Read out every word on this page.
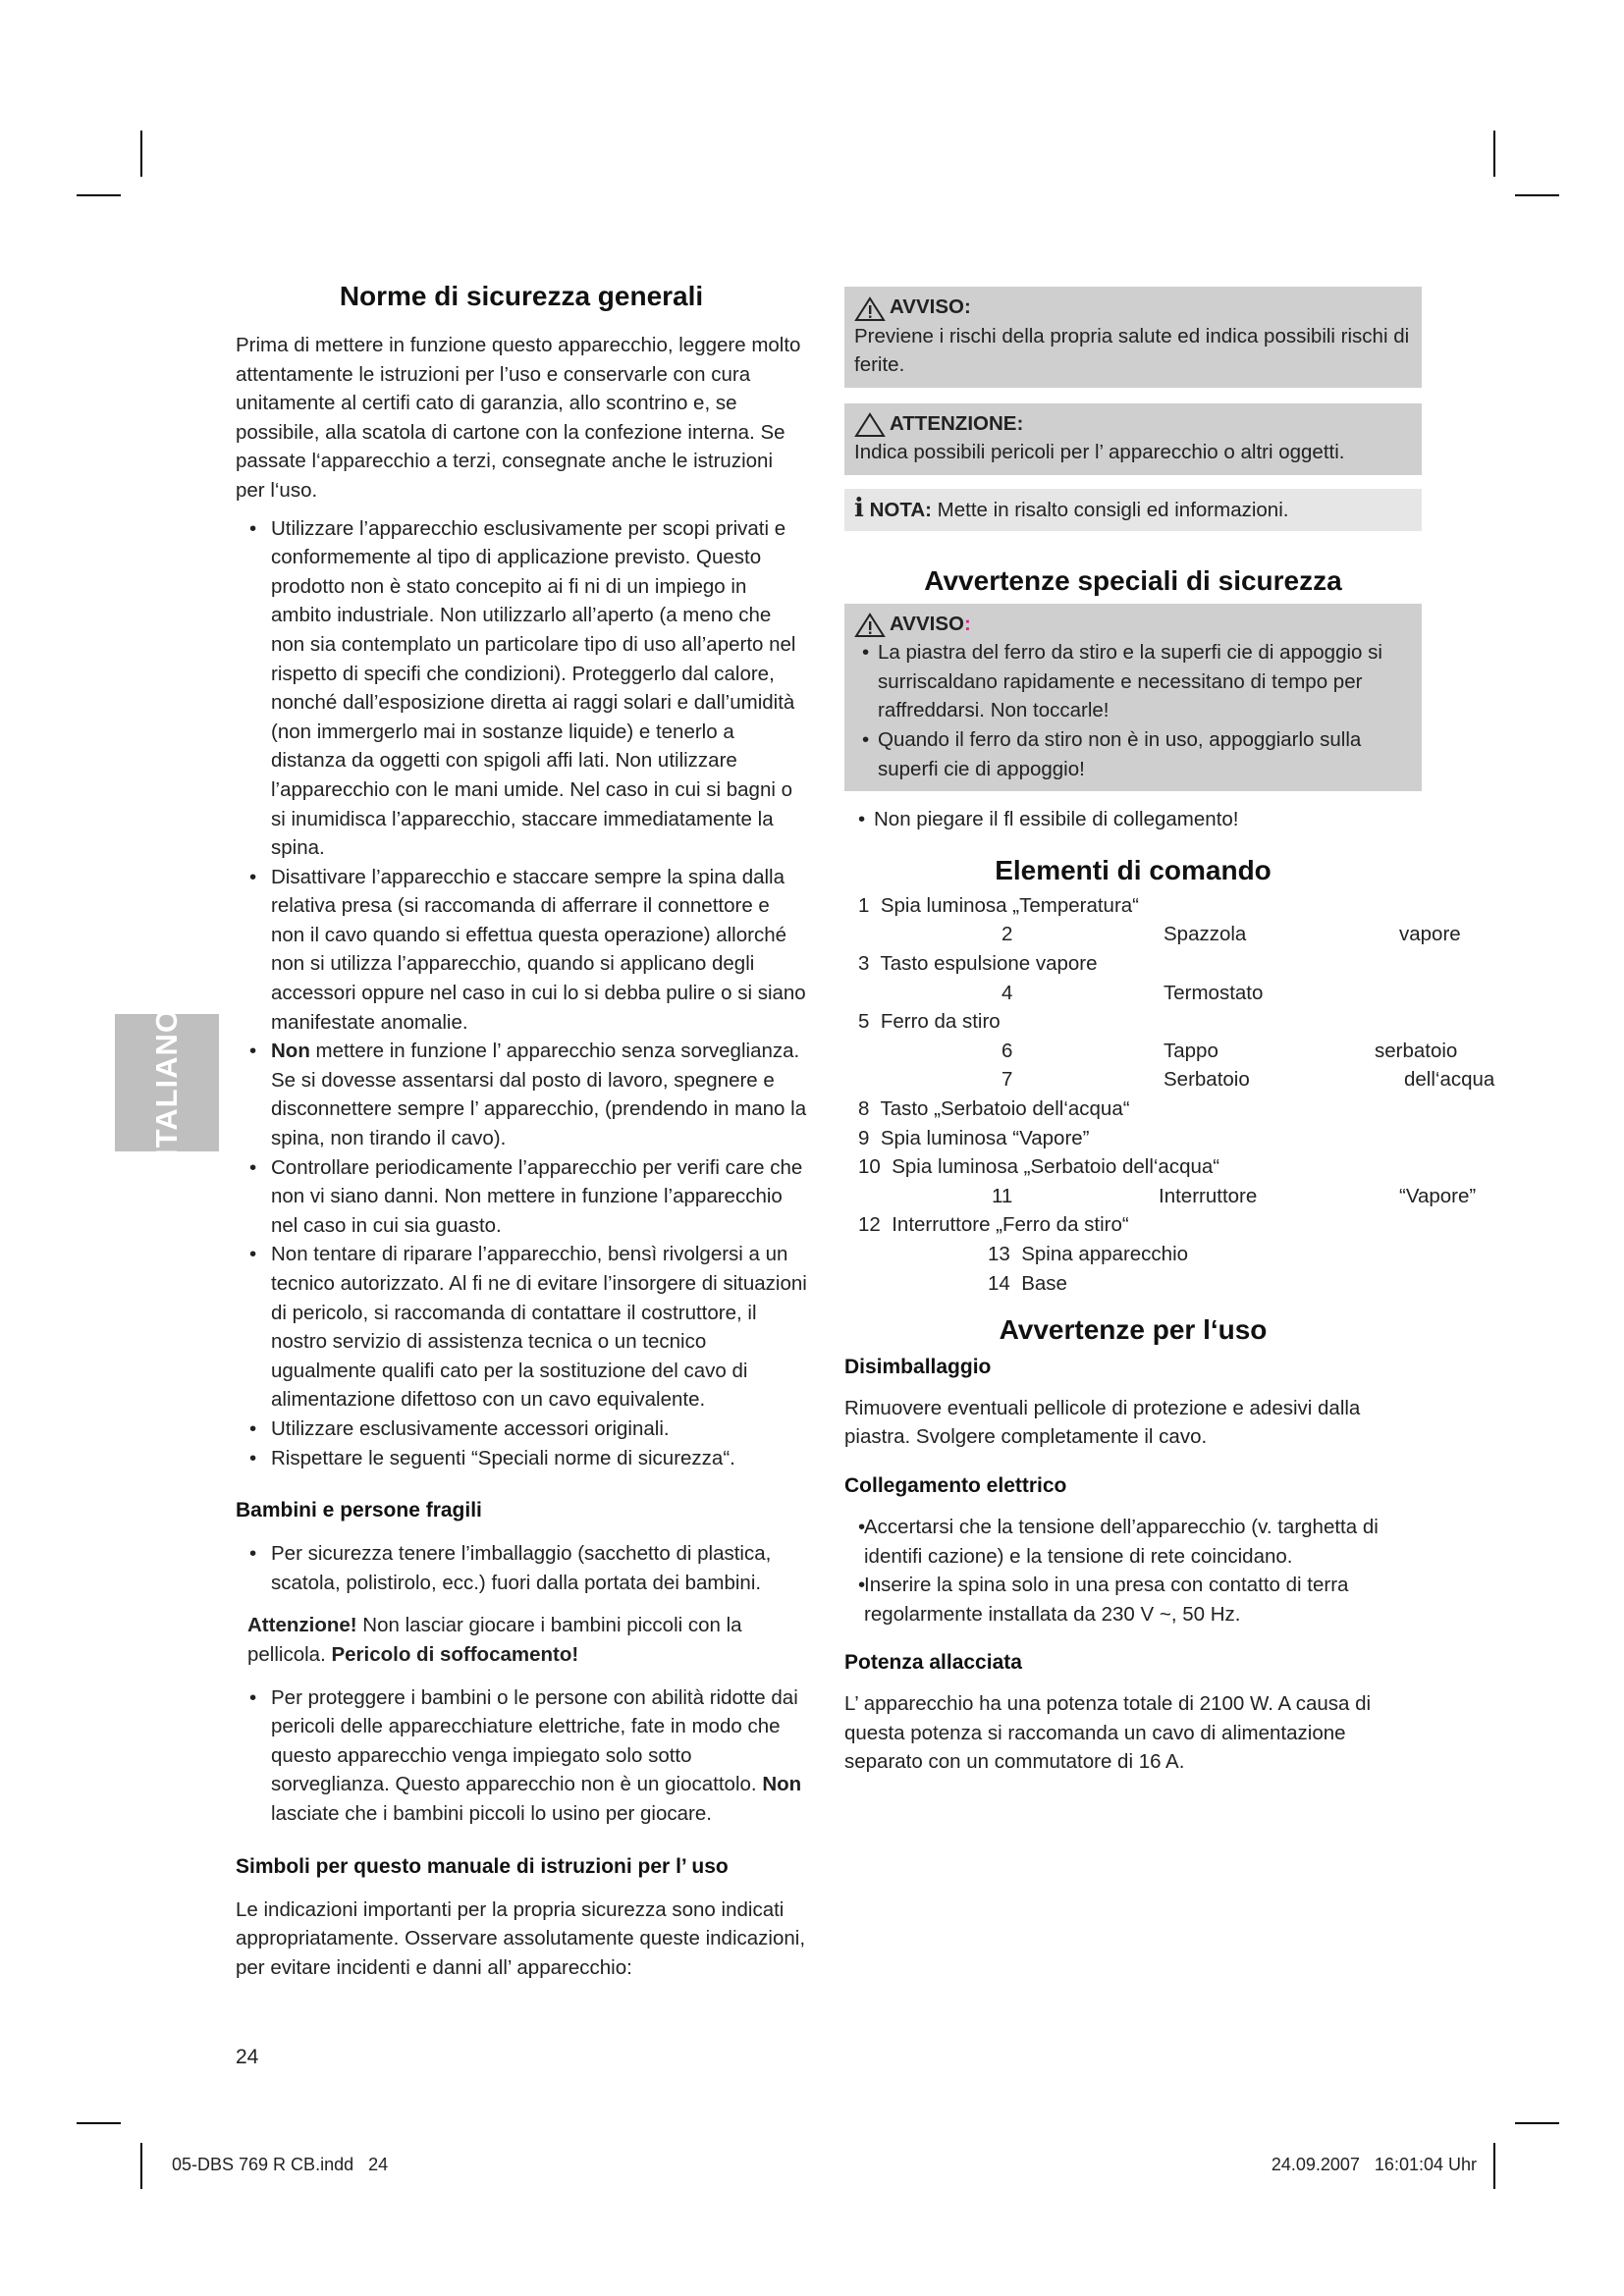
ITALIANO
Norme di sicurezza generali

Prima di mettere in funzione questo apparecchio, leggere molto attentamente le istruzioni per l’uso e conservarle con cura unitamente al certifi cato di garanzia, allo scontrino e, se possibile, alla scatola di cartone con la confezione interna. Se passate l‘apparecchio a terzi, consegnate anche le istruzioni per l‘uso.

• Utilizzare l’apparecchio esclusivamente per scopi privati e conformemente al tipo di applicazione previsto. Questo prodotto non è stato concepito ai fi ni di un impiego in ambito industriale. Non utilizzarlo all’aperto (a meno che non sia contemplato un particolare tipo di uso all’aperto nel rispetto di specifi che condizioni). Proteggerlo dal calore, nonché dall’esposizione diretta ai raggi solari e dall’umidità (non immergerlo mai in sostanze liquide) e tenerlo a distanza da oggetti con spigoli affi lati. Non utilizzare l’apparecchio con le mani umide. Nel caso in cui si bagni o si inumidisca l’apparecchio, staccare immediatamente la spina.
• Disattivare l’apparecchio e staccare sempre la spina dalla relativa presa (si raccomanda di afferrare il connettore e non il cavo quando si effettua questa operazione) allorché non si utilizza l’apparecchio, quando si applicano degli accessori oppure nel caso in cui lo si debba pulire o si siano manifestate anomalie.
• Non mettere in funzione l’ apparecchio senza sorveglianza. Se si dovesse assentarsi dal posto di lavoro, spegnere e disconnettere sempre l’ apparecchio, (prendendo in mano la spina, non tirando il cavo).
• Controllare periodicamente l’apparecchio per verifi care che non vi siano danni. Non mettere in funzione l’apparecchio nel caso in cui sia guasto.
• Non tentare di riparare l’apparecchio, bensì rivolgersi a un tecnico autorizzato. Al fi ne di evitare l’insorgere di situazioni di pericolo, si raccomanda di contattare il costruttore, il nostro servizio di assistenza tecnica o un tecnico ugualmente qualifi cato per la sostituzione del cavo di alimentazione difettoso con un cavo equivalente.
• Utilizzare esclusivamente accessori originali.
• Rispettare le seguenti “Speciali norme di sicurezza“.
Bambini e persone fragili
• Per sicurezza tenere l’imballaggio (sacchetto di plastica, scatola, polistirolo, ecc.) fuori dalla portata dei bambini.

Attenzione! Non lasciar giocare i bambini piccoli con la pellicola. Pericolo di soffocamento!

• Per proteggere i bambini o le persone con abilità ridotte dai pericoli delle apparecchiature elettriche, fate in modo che questo apparecchio venga impiegato solo sotto sorveglianza. Questo apparecchio non è un giocattolo. Non lasciate che i bambini piccoli lo usino per giocare.
Simboli per questo manuale di istruzioni per l’ uso

Le indicazioni importanti per la propria sicurezza sono indicati appropriatamente. Osservare assolutamente queste indicazioni, per evitare incidenti e danni all’ apparecchio:

AVVISO:

Previene i rischi della propria salute ed indica possibili rischi di ferite.

ATTENZIONE:

Indica possibili pericoli per l’ apparecchio o altri oggetti.

i NOTA: Mette in risalto consigli ed informazioni.
Avvertenze speciali di sicurezza
AVVISO:
• La piastra del ferro da stiro e la superfi cie di appoggio si surriscaldano rapidamente e necessitano di tempo per raffreddarsi. Non toccarle!
• Quando il ferro da stiro non è in uso, appoggiarlo sulla superfi cie di appoggio!
• Non piegare il fl essibile di collegamento!
Elementi di comando
1 Spia luminosa „Temperatura“
2	Spazzola	vapore
3 Tasto espulsione vapore
4	Termostato
5 Ferro da stiro
6	Tappo	serbatoio
7	Serbatoio	dell‘acqua
8 Tasto „Serbatoio dell‘acqua“
9 Spia luminosa “Vapore”
10 Spia luminosa „Serbatoio dell‘acqua“
11	Interruttore	“Vapore”
12 Interruttore „Ferro da stiro“
13 Spina apparecchio
14 Base
Avvertenze per l‘uso
Disimballaggio

Rimuovere eventuali pellicole di protezione e adesivi dalla piastra. Svolgere completamente il cavo.

Collegamento elettrico
• Accertarsi che la tensione dell’apparecchio (v. targhetta di identifi cazione) e la tensione di rete coincidano.
• Inserire la spina solo in una presa con contatto di terra regolarmente installata da 230 V ~, 50 Hz.
Potenza allacciata

L’ apparecchio ha una potenza totale di 2100 W. A causa di questa potenza si raccomanda un cavo di alimentazione separato con un commutatore di 16 A.

24
05-DBS 769 R CB.indd   24	24.09.2007   16:01:04 Uhr
